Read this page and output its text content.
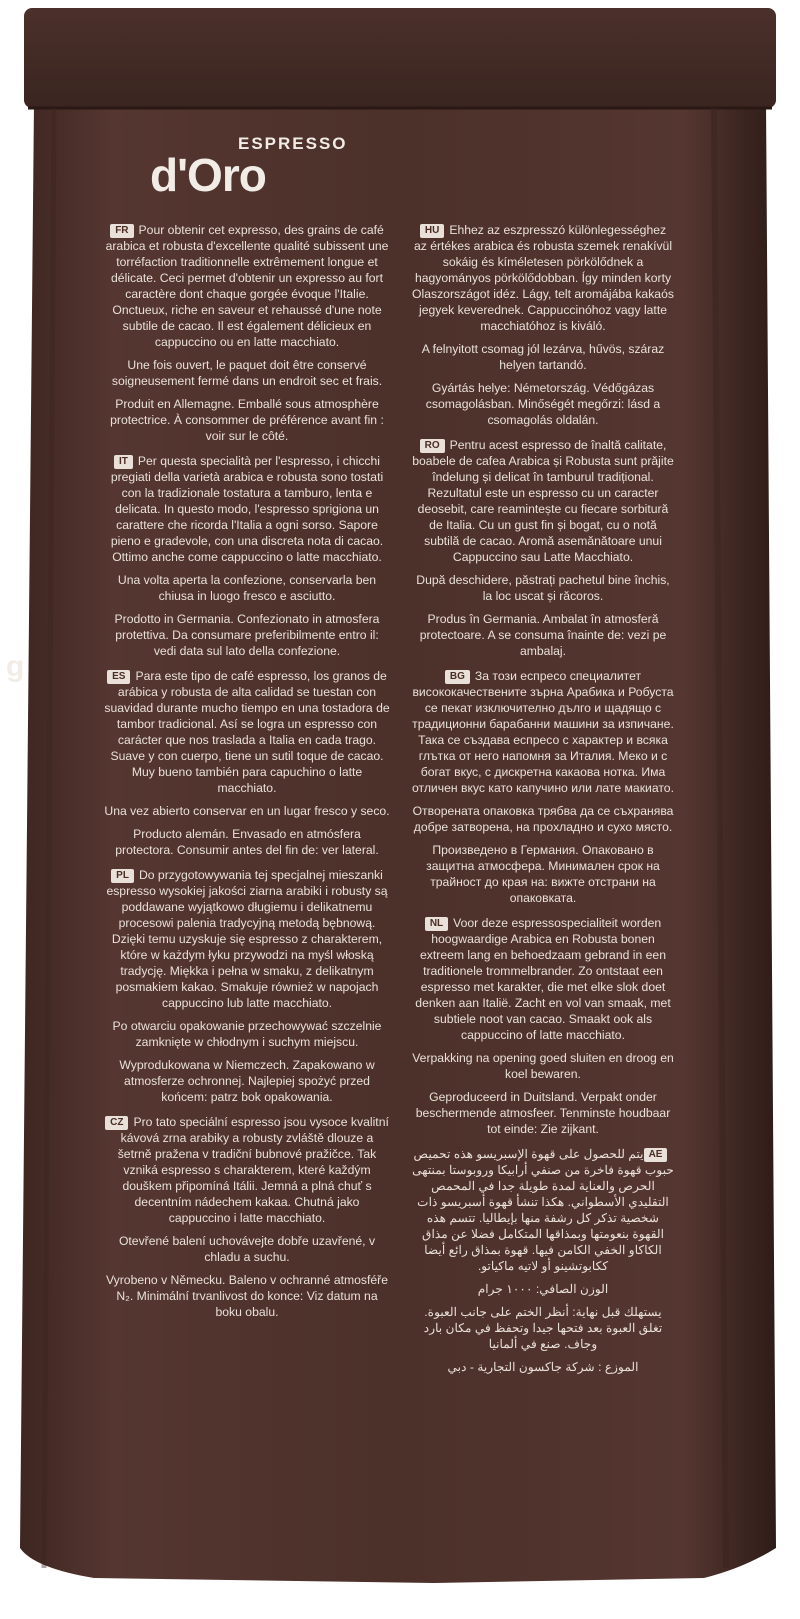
ESPRESSO
d'Oro

FR Pour obtenir cet expresso, des grains de café arabica et robusta d'excellente qualité subissent une torréfaction traditionnelle extrêmement longue et délicate. Ceci permet d'obtenir un expresso au fort caractère dont chaque gorgée évoque l'Italie. Onctueux, riche en saveur et rehaussé d'une note subtile de cacao. Il est également délicieux en cappuccino ou en latte macchiato.

Une fois ouvert, le paquet doit être conservé soigneusement fermé dans un endroit sec et frais.

Produit en Allemagne. Emballé sous atmosphère protectrice. À consommer de préférence avant fin : voir sur le côté.

IT Per questa specialità per l'espresso, i chicchi pregiati della varietà arabica e robusta sono tostati con la tradizionale tostatura a tamburo, lenta e delicata. In questo modo, l'espresso sprigiona un carattere che ricorda l'Italia a ogni sorso. Sapore pieno e gradevole, con una discreta nota di cacao. Ottimo anche come cappuccino o latte macchiato.

Una volta aperta la confezione, conservarla ben chiusa in luogo fresco e asciutto.

Prodotto in Germania. Confezionato in atmosfera protettiva. Da consumare preferibilmente entro il: vedi data sul lato della confezione.

ES Para este tipo de café espresso, los granos de arábica y robusta de alta calidad se tuestan con suavidad durante mucho tiempo en una tostadora de tambor tradicional. Así se logra un espresso con carácter que nos traslada a Italia en cada trago. Suave y con cuerpo, tiene un sutil toque de cacao. Muy bueno también para capuchino o latte macchiato.

Una vez abierto conservar en un lugar fresco y seco.

Producto alemán. Envasado en atmósfera protectora. Consumir antes del fin de: ver lateral.

PL Do przygotowywania tej specjalnej mieszanki espresso wysokiej jakości ziarna arabiki i robusty są poddawane wyjątkowo długiemu i delikatnemu procesowi palenia tradycyjną metodą bębnową. Dzięki temu uzyskuje się espresso z charakterem, które w każdym łyku przywodzi na myśl włoską tradycję. Miękka i pełna w smaku, z delikatnym posmakiem kakao. Smakuje również w napojach cappuccino lub latte macchiato.

Po otwarciu opakowanie przechowywać szczelnie zamknięte w chłodnym i suchym miejscu.

Wyprodukowana w Niemczech. Zapakowano w atmosferze ochronnej. Najlepiej spożyć przed końcem: patrz bok opakowania.

CZ Pro tato speciální espresso jsou vysoce kvalitní kávová zrna arabiky a robusty zvláště dlouze a šetrně pražena v tradiční bubnové pražičce. Tak vzniká espresso s charakterem, které každým douškem připomíná Itálii. Jemná a plná chuť s decentním nádechem kakaa. Chutná jako cappuccino i latte macchiato.

Otevřené balení uchovávejte dobře uzavřené, v chladu a suchu.

Vyrobeno v Německu. Baleno v ochranné atmosféře N₂. Minimální trvanlivost do konce: Viz datum na boku obalu.

HU Ehhez az eszpresszó különlegességhez az értékes arabica és robusta szemek renakívül sokáig és kíméletesen pörkölődnek a hagyományos pörkölődobban. Így minden korty Olaszországot idéz. Lágy, telt aromájába kakaós jegyek keverednek. Cappuccinóhoz vagy latte macchiatóhoz is kiváló.

A felnyitott csomag jól lezárva, hűvös, száraz helyen tartandó.

Gyártás helye: Németország. Védőgázas csomagolásban. Minőségét megőrzi: lásd a csomagolás oldalán.

RO Pentru acest espresso de înaltă calitate, boabele de cafea Arabica și Robusta sunt prăjite îndelung și delicat în tamburul tradițional. Rezultatul este un espresso cu un caracter deosebit, care reamintește cu fiecare sorbitură de Italia. Cu un gust fin și bogat, cu o notă subtilă de cacao. Aromă asemănătoare unui Cappuccino sau Latte Macchiato.

După deschidere, păstrați pachetul bine închis, la loc uscat și răcoros.

Produs în Germania. Ambalat în atmosferă protectoare. A se consuma înainte de: vezi pe ambalaj.

BG За този еспресо специалитет висококачествените зърна Арабика и Робуста се пекат изключително дълго и щадящо с традиционни барабанни машини за изпичане. Така се създава еспресо с характер и всяка глътка от него напомня за Италия. Меко и с богат вкус, с дискретна какаова нотка. Има отличен вкус като капучино или лате макиато.

Отворената опаковка трябва да се съхранява добре затворена, на прохладно и сухо място.

Произведено в Германия. Опаковано в защитна атмосфера. Минимален срок на трайност до края на: вижте отстрани на опаковката.

NL Voor deze espressospecialiteit worden hoogwaardige Arabica en Robusta bonen extreem lang en behoedzaam gebrand in een traditionele trommelbrander. Zo ontstaat een espresso met karakter, die met elke slok doet denken aan Italië. Zacht en vol van smaak, met subtiele noot van cacao. Smaakt ook als cappuccino of latte macchiato.

Verpakking na opening goed sluiten en droog en koel bewaren.

Geproduceerd in Duitsland. Verpakt onder beschermende atmosfeer. Tenminste houdbaar tot einde: Zie zijkant.

AEيتم للحصول على قهوة الإسبريسو هذه تحميص حبوب قهوة فاخرة من صنفي أرابيكا وروبوستا بمنتهى الحرص والعناية لمدة طويلة جدا في المحمص التقليدي الأسطواني. هكذا تنشأ قهوة أسبريسو ذات شخصية تذكر كل رشفة منها بإيطاليا. تتسم هذه القهوة بنعومتها وبمذاقها المتكامل فضلا عن مذاق الكاكاو الخفي الكامن فيها. قهوة بمذاق رائع أيضا ككابوتشينو أو لاتيه ماكياتو.

الوزن الصافي: ١٠٠٠ جرام

يستهلك قبل نهاية: أنظر الختم على جانب العبوة. تغلق العبوة بعد فتحها جيدا وتحفظ في مكان بارد وجاف. صنع في ألمانيا

الموزع : شركة جاكسون التجارية - دبي

g
